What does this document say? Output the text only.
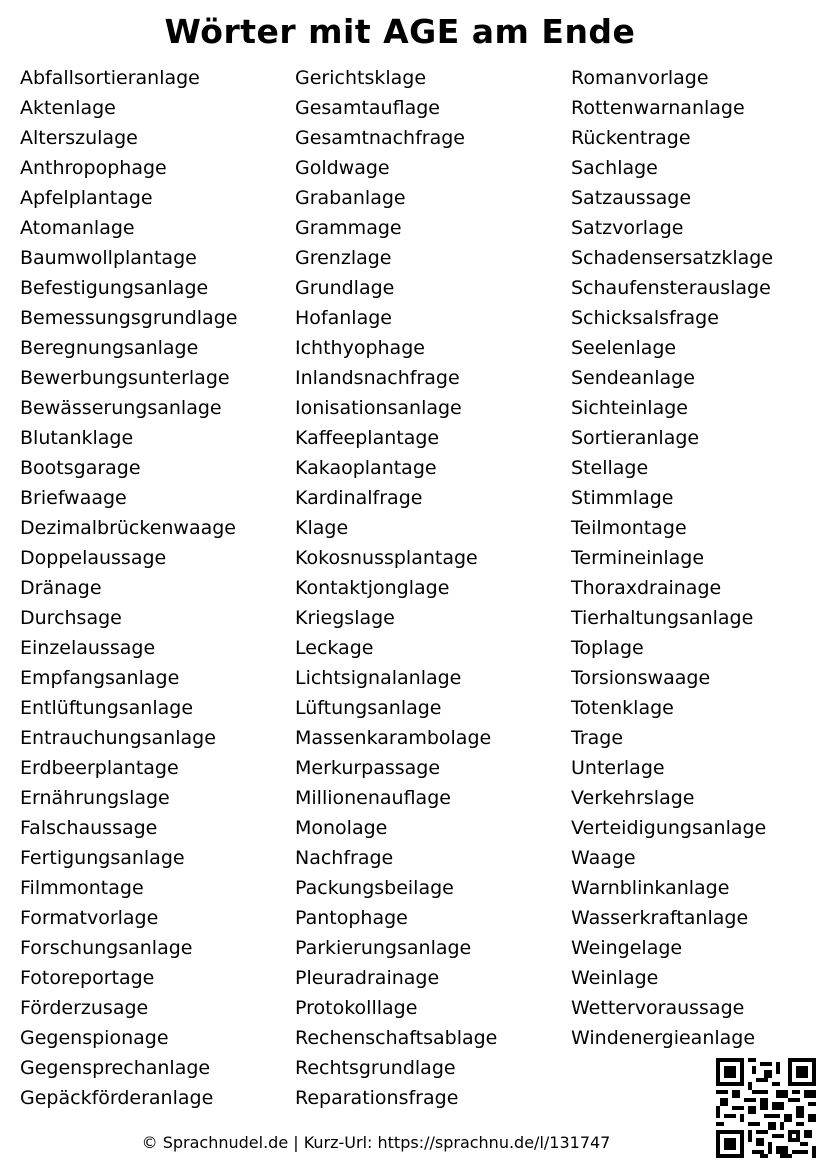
Wörter mit AGE am Ende
Abfallsortieranlage
Aktenlage
Alterszulage
Anthropophage
Apfelplantage
Atomanlage
Baumwollplantage
Befestigungsanlage
Bemessungsgrundlage
Beregnungsanlage
Bewerbungsunterlage
Bewässerungsanlage
Blutanklage
Bootsgarage
Briefwaage
Dezimalbrückenwaage
Doppelaussage
Dränage
Durchsage
Einzelaussage
Empfangsanlage
Entlüftungsanlage
Entrauchungsanlage
Erdbeerplantage
Ernährungslage
Falschaussage
Fertigungsanlage
Filmmontage
Formatvorlage
Forschungsanlage
Fotoreportage
Förderzusage
Gegenspionage
Gegensprechanlage
Gepäckförderanlage
Gerichtsklage
Gesamtauflage
Gesamtnachfrage
Goldwage
Grabanlage
Grammage
Grenzlage
Grundlage
Hofanlage
Ichthyophage
Inlandsnachfrage
Ionisationsanlage
Kaffeeplantage
Kakaoplantage
Kardinalfrage
Klage
Kokosnussplantage
Kontaktjonglage
Kriegslage
Leckage
Lichtsignalanlage
Lüftungsanlage
Massenkarambolage
Merkurpassage
Millionenauflage
Monolage
Nachfrage
Packungsbeilage
Pantophage
Parkierungsanlage
Pleuradrainage
Protokolllage
Rechenschaftsablage
Rechtsgrundlage
Reparationsfrage
Romanvorlage
Rottenwarnanlage
Rückentrage
Sachlage
Satzaussage
Satzvorlage
Schadensersatzklage
Schaufensterauslage
Schicksalsfrage
Seelenlage
Sendeanlage
Sichteinlage
Sortieranlage
Stellage
Stimmlage
Teilmontage
Termineinlage
Thoraxdrainage
Tierhaltungsanlage
Toplage
Torsionswaage
Totenklage
Trage
Unterlage
Verkehrslage
Verteidigungsanlage
Waage
Warnblinkanlage
Wasserkraftanlage
Weingelage
Weinlage
Wettervoraussage
Windenergieanlage
© Sprachnudel.de | Kurz-Url: https://sprachnu.de/l/131747
